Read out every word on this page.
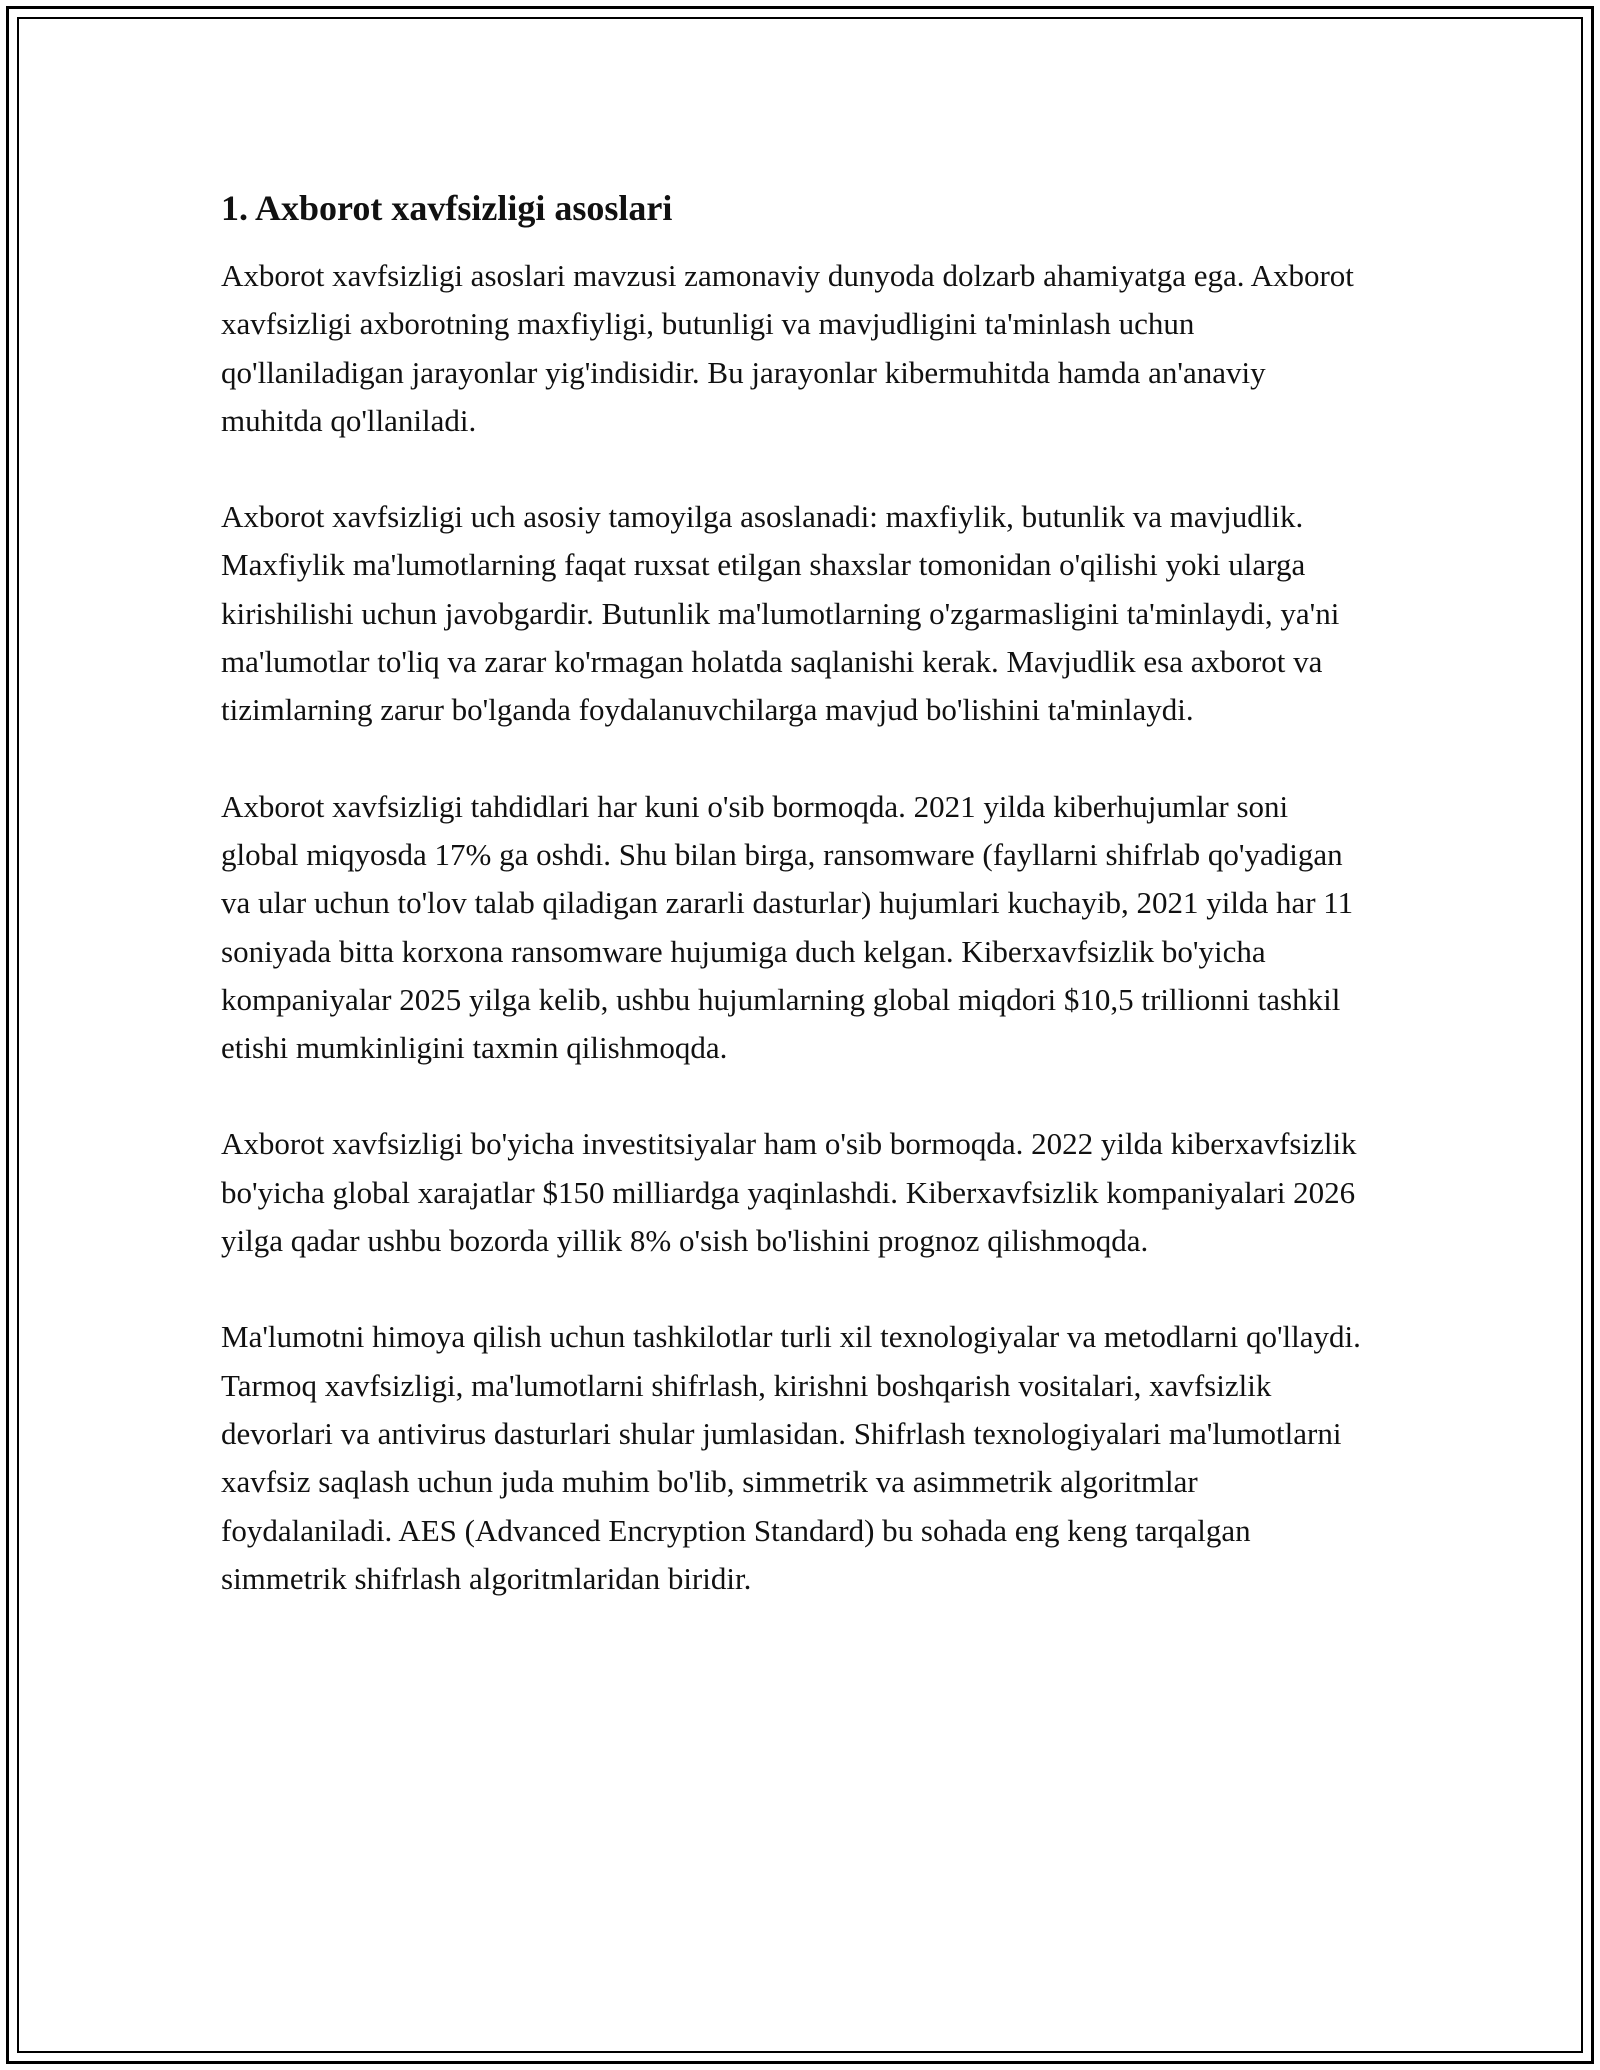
1. Axborot xavfsizligi asoslari

Axborot xavfsizligi asoslari mavzusi zamonaviy dunyoda dolzarb ahamiyatga ega. Axborot xavfsizligi axborotning maxfiyligi, butunligi va mavjudligini ta'minlash uchun qo'llaniladigan jarayonlar yig'indisidir. Bu jarayonlar kibermuhitda hamda an'anaviy muhitda qo'llaniladi.

Axborot xavfsizligi uch asosiy tamoyilga asoslanadi: maxfiylik, butunlik va mavjudlik. Maxfiylik ma'lumotlarning faqat ruxsat etilgan shaxslar tomonidan o'qilishi yoki ularga kirishilishi uchun javobgardir. Butunlik ma'lumotlarning o'zgarmasligini ta'minlaydi, ya'ni ma'lumotlar to'liq va zarar ko'rmagan holatda saqlanishi kerak. Mavjudlik esa axborot va tizimlarning zarur bo'lganda foydalanuvchilarga mavjud bo'lishini ta'minlaydi.

Axborot xavfsizligi tahdidlari har kuni o'sib bormoqda. 2021 yilda kiberhujumlar soni global miqyosda 17% ga oshdi. Shu bilan birga, ransomware (fayllarni shifrlab qo'yadigan va ular uchun to'lov talab qiladigan zararli dasturlar) hujumlari kuchayib, 2021 yilda har 11 soniyada bitta korxona ransomware hujumiga duch kelgan. Kiberxavfsizlik bo'yicha kompaniyalar 2025 yilga kelib, ushbu hujumlarning global miqdori $10,5 trillionni tashkil etishi mumkinligini taxmin qilishmoqda.

Axborot xavfsizligi bo'yicha investitsiyalar ham o'sib bormoqda. 2022 yilda kiberxavfsizlik bo'yicha global xarajatlar $150 milliardga yaqinlashdi. Kiberxavfsizlik kompaniyalari 2026 yilga qadar ushbu bozorda yillik 8% o'sish bo'lishini prognoz qilishmoqda.

Ma'lumotni himoya qilish uchun tashkilotlar turli xil texnologiyalar va metodlarni qo'llaydi. Tarmoq xavfsizligi, ma'lumotlarni shifrlash, kirishni boshqarish vositalari, xavfsizlik devorlari va antivirus dasturlari shular jumlasidan. Shifrlash texnologiyalari ma'lumotlarni xavfsiz saqlash uchun juda muhim bo'lib, simmetrik va asimmetrik algoritmlar foydalaniladi. AES (Advanced Encryption Standard) bu sohada eng keng tarqalgan simmetrik shifrlash algoritmlaridan biridir.
